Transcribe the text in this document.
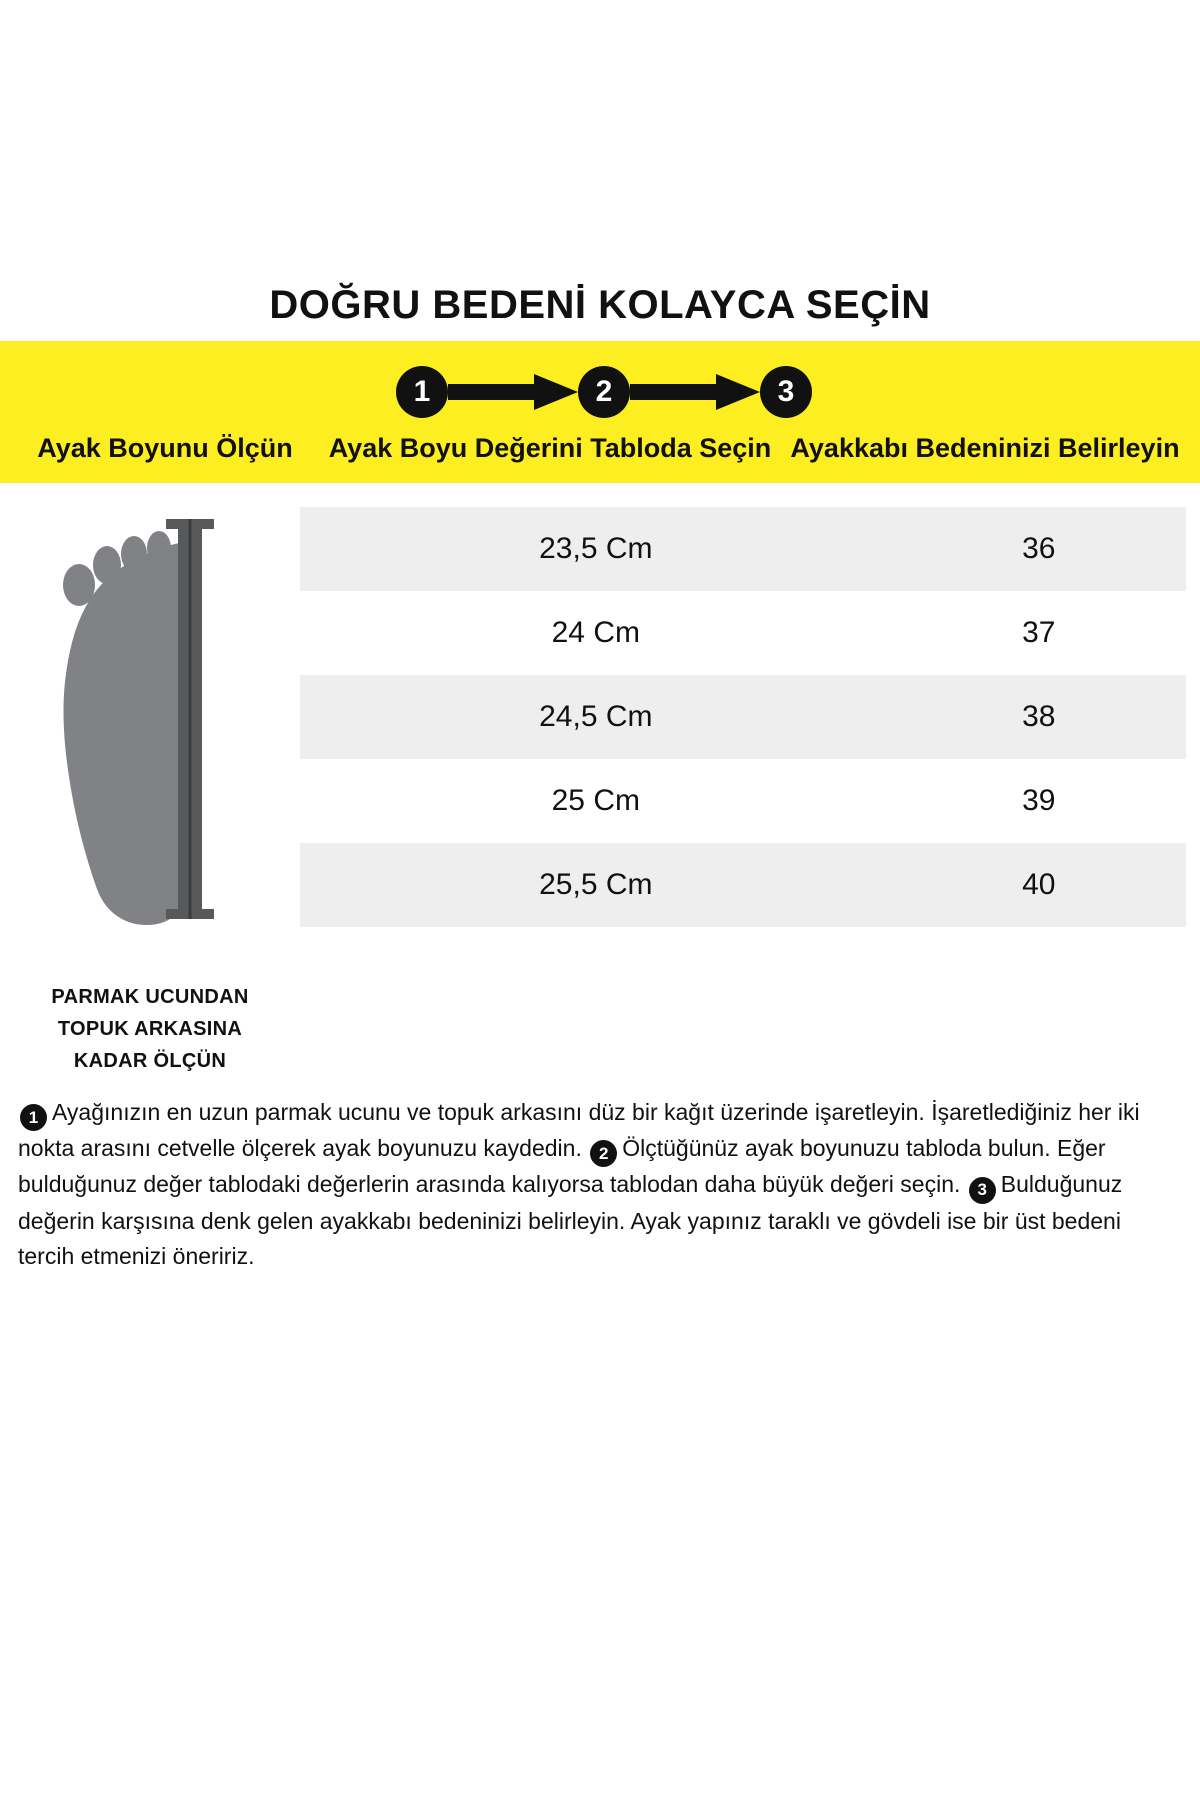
DOĞRU BEDENİ KOLAYCA SEÇİN
1	2	3
Ayak Boyunu Ölçün	Ayak Boyu Değerini Tabloda Seçin Ayakkabı Bedeninizi Belirleyin
PARMAK UCUNDAN
TOPUK ARKASINA
KADAR ÖLÇÜN
23,5 Cm	36
24 Cm	37
24,5 Cm	38
25 Cm	39
25,5 Cm	40
1 Ayağınızın en uzun parmak ucunu ve topuk arkasını düz bir kağıt üzerinde işaretleyin. İşaretlediğiniz her iki nokta arasını cetvelle ölçerek ayak boyunuzu kaydedin. 2 Ölçtüğünüz ayak boyunuzu tabloda bulun. Eğer bulduğunuz değer tablodaki değerlerin arasında kalıyorsa tablodan daha büyük değeri seçin. 3 Bulduğunuz değerin karşısına denk gelen ayakkabı bedeninizi belirleyin. Ayak yapınız taraklı ve gövdeli ise bir üst bedeni tercih etmenizi öneririz.
